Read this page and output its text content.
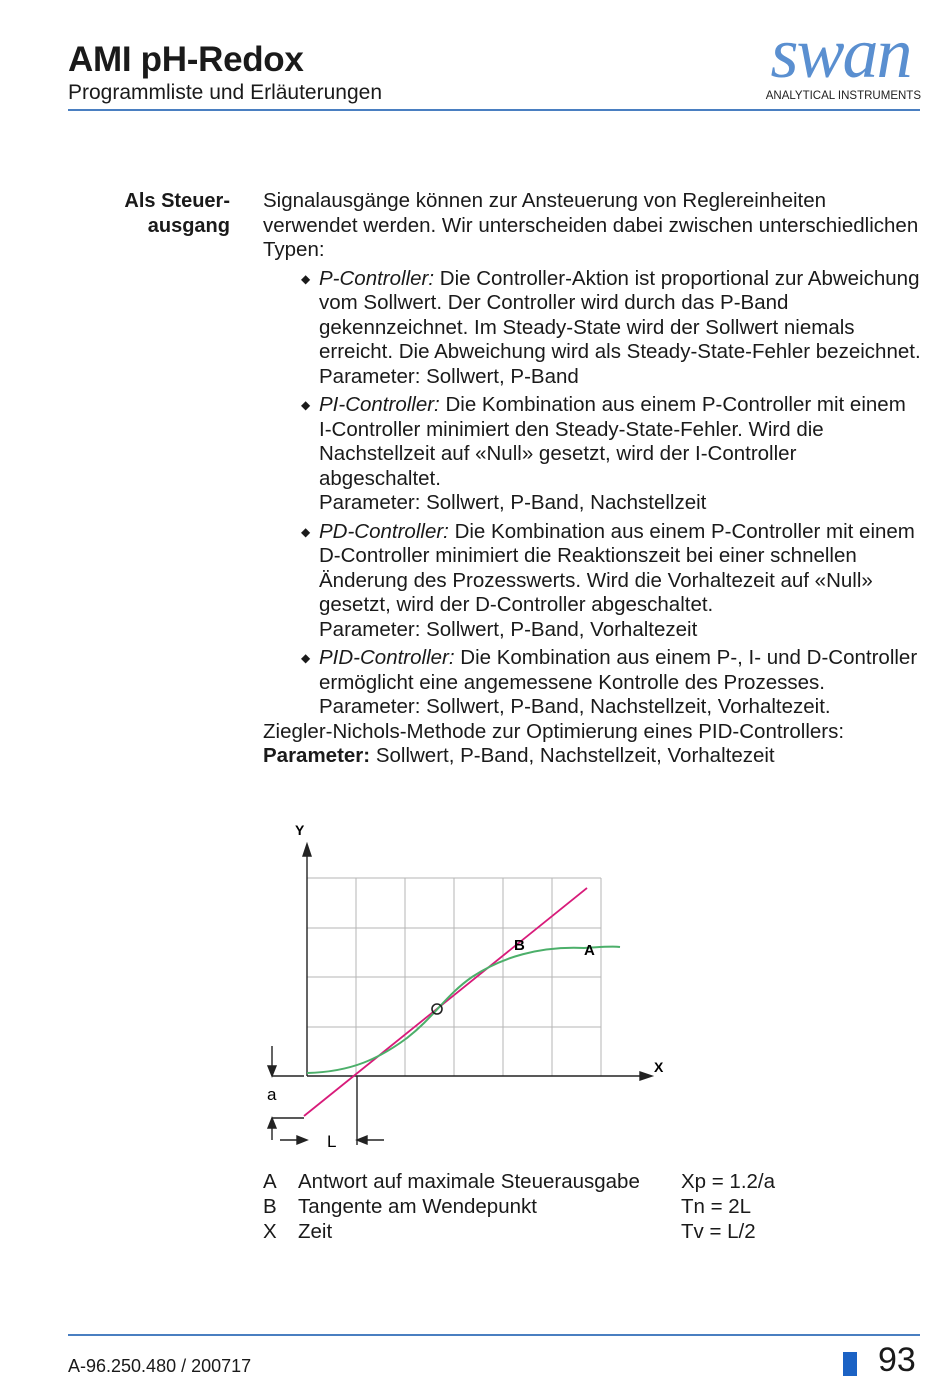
AMI pH-Redox
Programmliste und Erläuterungen	swan
ANALYTICAL INSTRUMENTS
Als Steuer-
ausgang

Signalausgänge können zur Ansteuerung von Reglereinheiten verwendet werden. Wir unterscheiden dabei zwischen unterschiedlichen Typen:

◆ P-Controller: Die Controller-Aktion ist proportional zur Abweichung vom Sollwert. Der Controller wird durch das P-Band gekennzeichnet. Im Steady-State wird der Sollwert niemals erreicht. Die Abweichung wird als Steady-State-Fehler bezeichnet.
Parameter: Sollwert, P-Band
◆ PI-Controller: Die Kombination aus einem P-Controller mit einem I-Controller minimiert den Steady-State-Fehler. Wird die Nachstellzeit auf «Null» gesetzt, wird der I-Controller abgeschaltet.
Parameter: Sollwert, P-Band, Nachstellzeit
◆ PD-Controller: Die Kombination aus einem P-Controller mit einem D-Controller minimiert die Reaktionszeit bei einer schnellen Änderung des Prozesswerts. Wird die Vorhaltezeit auf «Null» gesetzt, wird der D-Controller abgeschaltet.
Parameter: Sollwert, P-Band, Vorhaltezeit
◆ PID-Controller: Die Kombination aus einem P-, I- und D-Controller ermöglicht eine angemessene Kontrolle des Prozesses.
Parameter: Sollwert, P-Band, Nachstellzeit, Vorhaltezeit.

Ziegler-Nichols-Methode zur Optimierung eines PID-Controllers:

Parameter: Sollwert, P-Band, Nachstellzeit, Vorhaltezeit

Y
X
B	A
a
L
A Antwort auf maximale Steuerausgabe Xp = 1.2/a
B Tangente am Wendepunkt	Tn = 2L
X Zeit	Tv = L/2
A-96.250.480 / 200717	93
